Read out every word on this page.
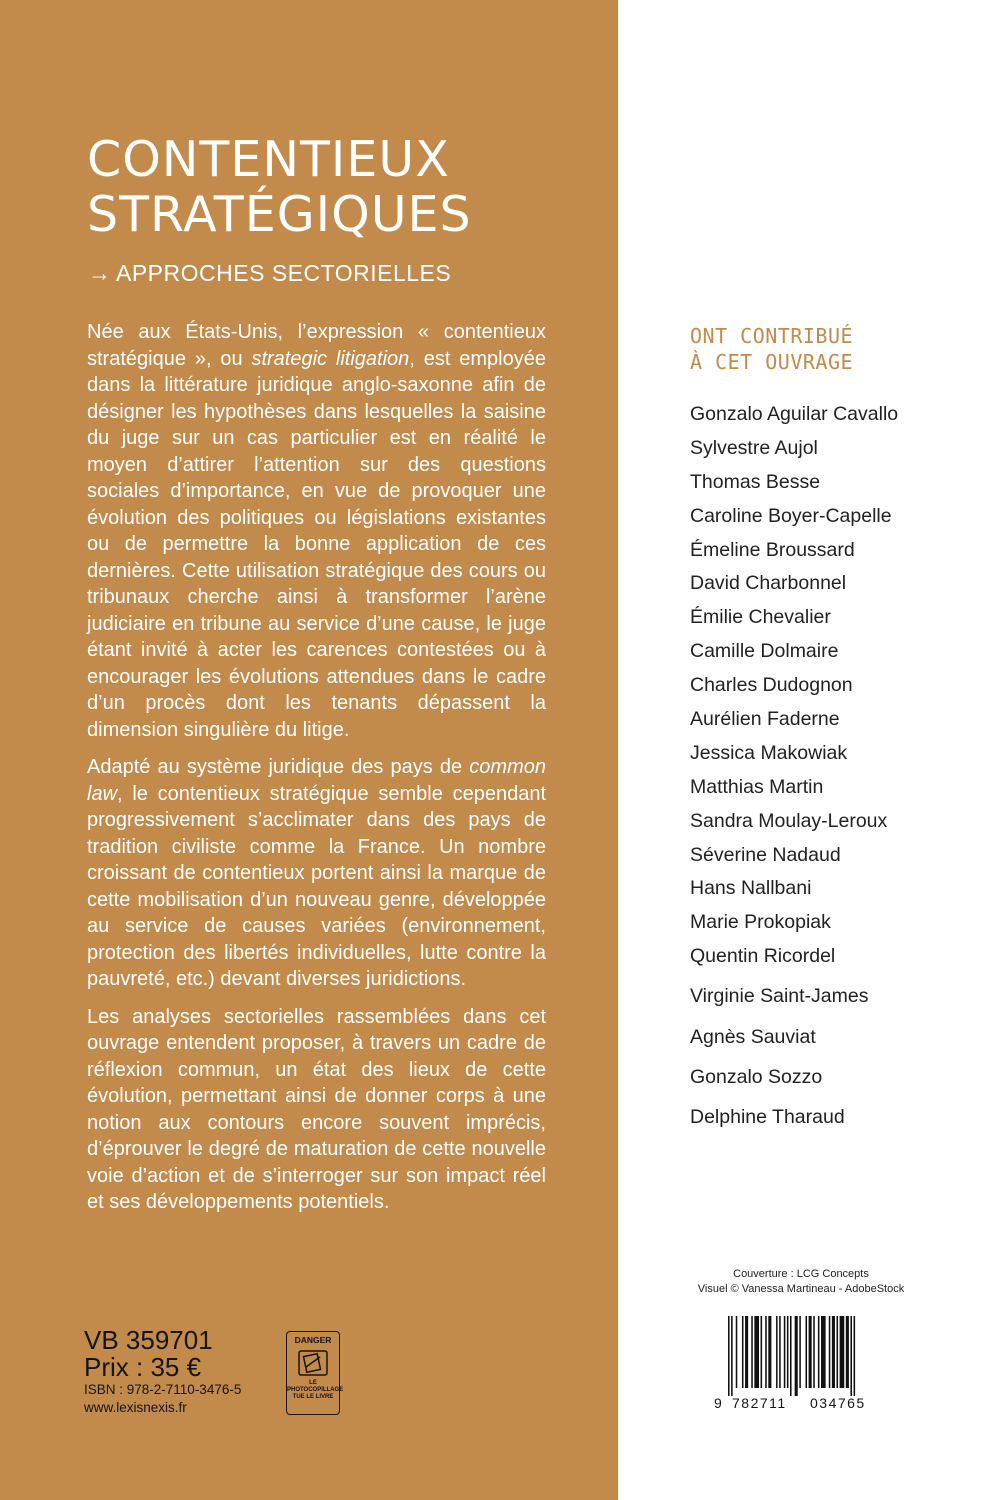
CONTENTIEUX
STRATÉGIQUES
→ APPROCHES SECTORIELLES

Née aux États-Unis, l’expression « contentieux stratégique », ou strategic litigation, est employée dans la littérature juridique anglo-saxonne afin de désigner les hypothèses dans lesquelles la saisine du juge sur un cas particulier est en réalité le moyen d’attirer l’attention sur des questions sociales d’importance, en vue de provoquer une évolution des politiques ou législations existantes ou de permettre la bonne application de ces dernières. Cette utilisation stratégique des cours ou tribunaux cherche ainsi à transformer l’arène judiciaire en tribune au service d’une cause, le juge étant invité à acter les carences contestées ou à encourager les évolutions attendues dans le cadre d’un procès dont les tenants dépassent la dimension singulière du litige.

Adapté au système juridique des pays de common law, le contentieux stratégique semble cependant progressivement s’acclimater dans des pays de tradition civiliste comme la France. Un nombre croissant de contentieux portent ainsi la marque de cette mobilisation d’un nouveau genre, développée au service de causes variées (environnement, protection des libertés individuelles, lutte contre la pauvreté, etc.) devant diverses juridictions.

Les analyses sectorielles rassemblées dans cet ouvrage entendent proposer, à travers un cadre de réflexion commun, un état des lieux de cette évolution, permettant ainsi de donner corps à une notion aux contours encore souvent imprécis, d’éprouver le degré de maturation de cette nouvelle voie d’action et de s’interroger sur son impact réel et ses développements potentiels.

VB 359701
Prix : 35 €
ISBN : 978-2-7110-3476-5
www.lexisnexis.fr
DANGER
LE
PHOTOCOPILLAGE
TUE LE LIVRE
ONT CONTRIBUÉ
À CET OUVRAGE
Gonzalo Aguilar Cavallo
Sylvestre Aujol
Thomas Besse
Caroline Boyer-Capelle
Émeline Broussard
David Charbonnel
Émilie Chevalier
Camille Dolmaire
Charles Dudognon
Aurélien Faderne
Jessica Makowiak
Matthias Martin
Sandra Moulay-Leroux
Séverine Nadaud
Hans Nallbani
Marie Prokopiak
Quentin Ricordel
Virginie Saint-James
Agnès Sauviat
Gonzalo Sozzo
Delphine Tharaud
Couverture : LCG Concepts
Visuel © Vanessa Martineau - AdobeStock
9 782711 034765
